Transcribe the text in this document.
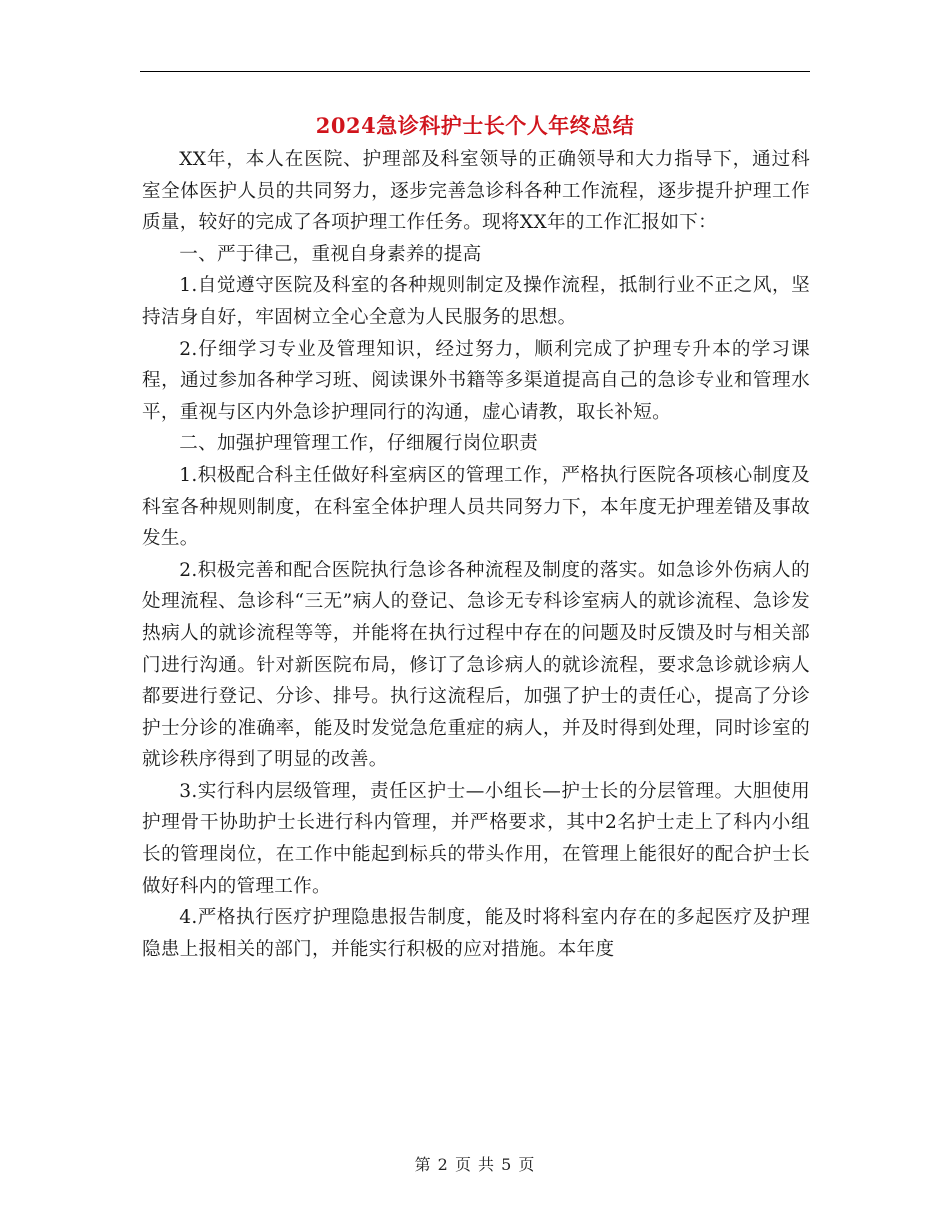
2024急诊科护士长个人年终总结

XX年，本人在医院、护理部及科室领导的正确领导和大力指导下，通过科室全体医护人员的共同努力，逐步完善急诊科各种工作流程，逐步提升护理工作质量，较好的完成了各项护理工作任务。现将XX年的工作汇报如下：

一、严于律己，重视自身素养的提高

1.自觉遵守医院及科室的各种规则制定及操作流程，抵制行业不正之风，坚持洁身自好，牢固树立全心全意为人民服务的思想。

2.仔细学习专业及管理知识，经过努力，顺利完成了护理专升本的学习课程，通过参加各种学习班、阅读课外书籍等多渠道提高自己的急诊专业和管理水平，重视与区内外急诊护理同行的沟通，虚心请教，取长补短。

二、加强护理管理工作，仔细履行岗位职责

1.积极配合科主任做好科室病区的管理工作，严格执行医院各项核心制度及科室各种规则制度，在科室全体护理人员共同努力下，本年度无护理差错及事故发生。

2.积极完善和配合医院执行急诊各种流程及制度的落实。如急诊外伤病人的处理流程、急诊科“三无”病人的登记、急诊无专科诊室病人的就诊流程、急诊发热病人的就诊流程等等，并能将在执行过程中存在的问题及时反馈及时与相关部门进行沟通。针对新医院布局，修订了急诊病人的就诊流程，要求急诊就诊病人都要进行登记、分诊、排号。执行这流程后，加强了护士的责任心，提高了分诊护士分诊的准确率，能及时发觉急危重症的病人，并及时得到处理，同时诊室的就诊秩序得到了明显的改善。

3.实行科内层级管理，责任区护士—小组长—护士长的分层管理。大胆使用护理骨干协助护士长进行科内管理，并严格要求，其中2名护士走上了科内小组长的管理岗位，在工作中能起到标兵的带头作用，在管理上能很好的配合护士长做好科内的管理工作。

4.严格执行医疗护理隐患报告制度，能及时将科室内存在的多起医疗及护理隐患上报相关的部门，并能实行积极的应对措施。本年度

第 2 页 共 5 页
